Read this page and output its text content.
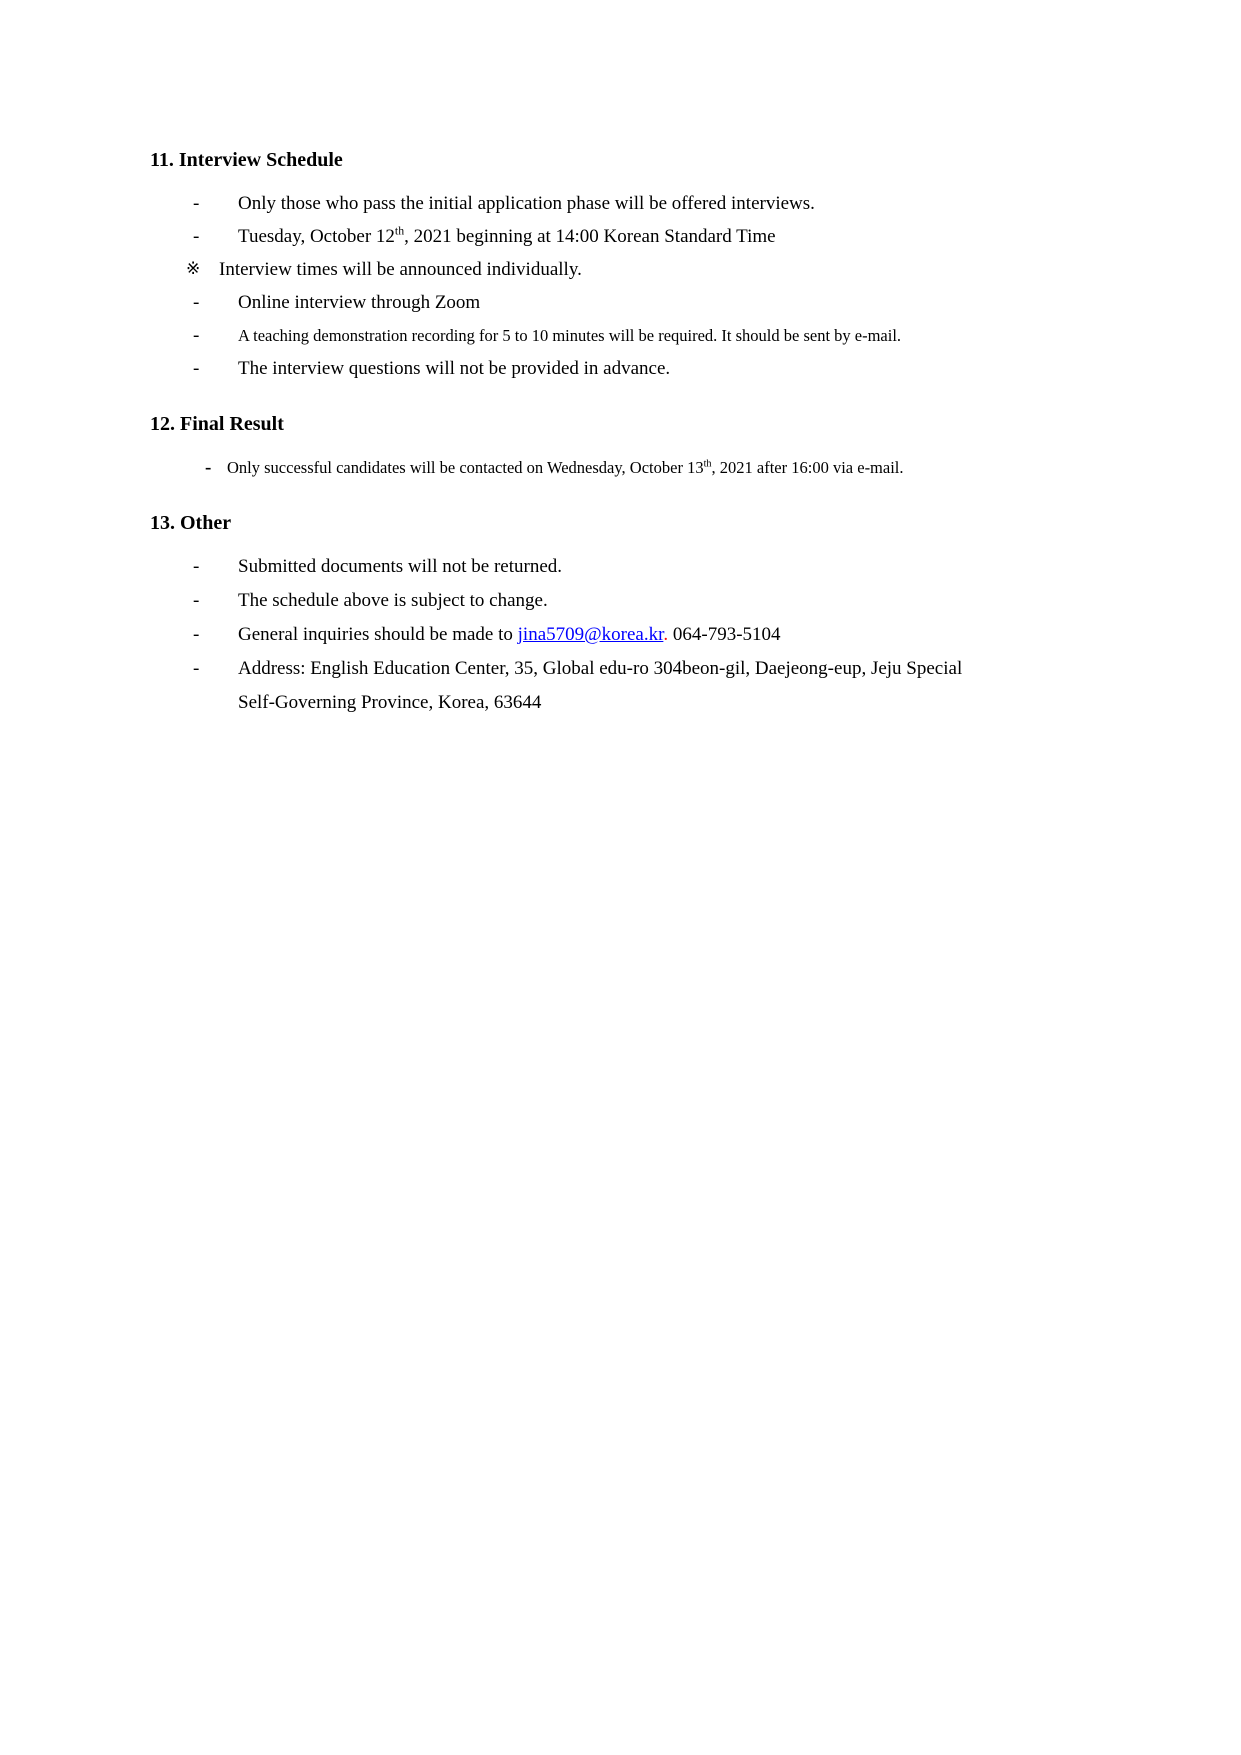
11. Interview Schedule
- Only those who pass the initial application phase will be offered interviews.
- Tuesday, October 12th, 2021 beginning at 14:00 Korean Standard Time
※ Interview times will be announced individually.
- Online interview through Zoom
- A teaching demonstration recording for 5 to 10 minutes will be required. It should be sent by e-mail.
- The interview questions will not be provided in advance.
12. Final Result
- Only successful candidates will be contacted on Wednesday, October 13th, 2021 after 16:00 via e-mail.
13. Other
- Submitted documents will not be returned.
- The schedule above is subject to change.
- General inquiries should be made to jina5709@korea.kr. 064-793-5104
- Address: English Education Center, 35, Global edu-ro 304beon-gil, Daejeong-eup, Jeju Special
Self-Governing Province, Korea, 63644
